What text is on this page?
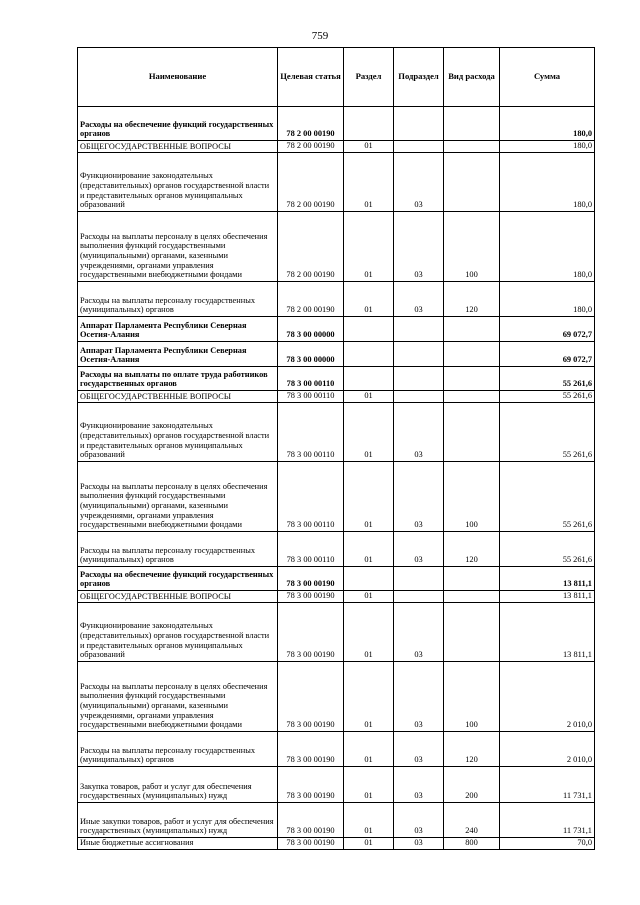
759
Наименование	Целевая статья	Раздел	Подраздел	Вид расхода	Сумма
Расходы на обеспечение функций государственных органов	78 2 00 00190				180,0
ОБЩЕГОСУДАРСТВЕННЫЕ ВОПРОСЫ	78 2 00 00190	01			180,0
Функционирование законодательных (представительных) органов государственной власти и представительных органов муниципальных образований	78 2 00 00190	01	03		180,0
Расходы на выплаты персоналу в целях обеспечения выполнения функций государственными (муниципальными) органами, казенными учреждениями, органами управления государственными внебюджетными фондами	78 2 00 00190	01	03	100	180,0
Расходы на выплаты персоналу государственных (муниципальных) органов	78 2 00 00190	01	03	120	180,0
Аппарат Парламента Республики Северная Осетия-Алания	78 3 00 00000				69 072,7
Аппарат Парламента Республики Северная Осетия-Алания	78 3 00 00000				69 072,7
Расходы на выплаты по оплате труда работников государственных органов	78 3 00 00110				55 261,6
ОБЩЕГОСУДАРСТВЕННЫЕ ВОПРОСЫ	78 3 00 00110	01			55 261,6
Функционирование законодательных (представительных) органов государственной власти и представительных органов муниципальных образований	78 3 00 00110	01	03		55 261,6
Расходы на выплаты персоналу в целях обеспечения выполнения функций государственными (муниципальными) органами, казенными учреждениями, органами управления государственными внебюджетными фондами	78 3 00 00110	01	03	100	55 261,6
Расходы на выплаты персоналу государственных (муниципальных) органов	78 3 00 00110	01	03	120	55 261,6
Расходы на обеспечение функций государственных органов	78 3 00 00190				13 811,1
ОБЩЕГОСУДАРСТВЕННЫЕ ВОПРОСЫ	78 3 00 00190	01			13 811,1
Функционирование законодательных (представительных) органов государственной власти и представительных органов муниципальных образований	78 3 00 00190	01	03		13 811,1
Расходы на выплаты персоналу в целях обеспечения выполнения функций государственными (муниципальными) органами, казенными учреждениями, органами управления государственными внебюджетными фондами	78 3 00 00190	01	03	100	2 010,0
Расходы на выплаты персоналу государственных (муниципальных) органов	78 3 00 00190	01	03	120	2 010,0
Закупка товаров, работ и услуг для обеспечения государственных (муниципальных) нужд	78 3 00 00190	01	03	200	11 731,1
Иные закупки товаров, работ и услуг для обеспечения государственных (муниципальных) нужд	78 3 00 00190	01	03	240	11 731,1
Иные бюджетные ассигнования	78 3 00 00190	01	03	800	70,0
